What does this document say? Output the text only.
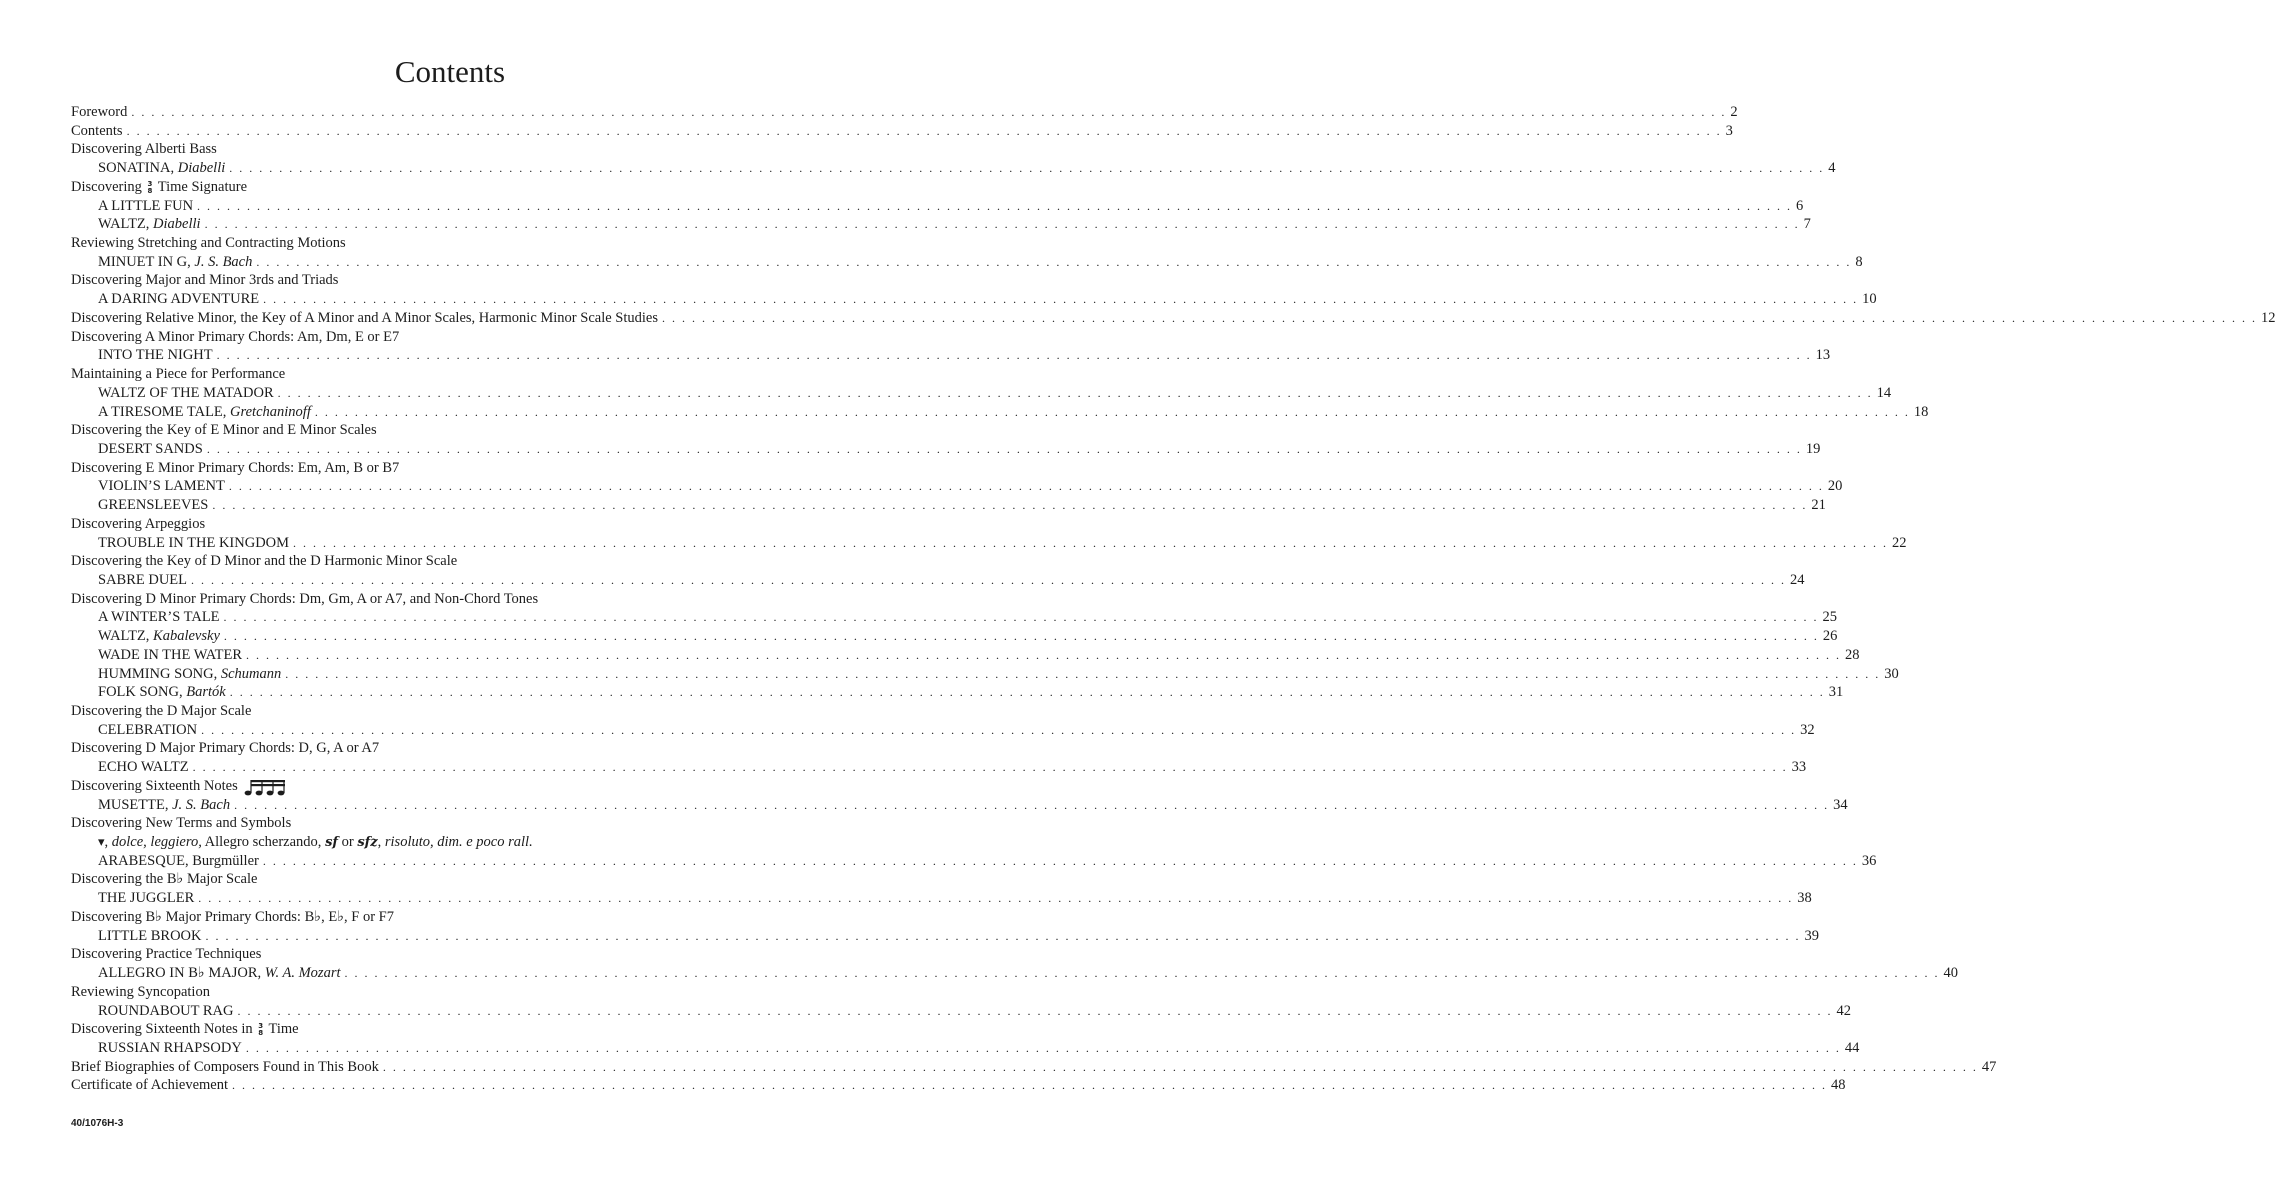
Contents
Foreword . . . . . . . . . . . . . . . . . . . . . . . . . . . . . . . . . . . . . . . . . . . . . . . . . . . . . . . . . . . . . . . . . . . . . . . . . . . . . . . . . . . . . . . . . . . . . . . . . . . . . . . . . . . . . . . . . . . . . . . . . . . . . . . . . . . . . . . . . . . . . . . . . . . . . . . . . . . . . . . . 2
Contents . . . . . . . . . . . . . . . . . . . . . . . . . . . . . . . . . . . . . . . . . . . . . . . . . . . . . . . . . . . . . . . . . . . . . . . . . . . . . . . . . . . . . . . . . . . . . . . . . . . . . . . . . . . . . . . . . . . . . . . . . . . . . . . . . . . . . . . . . . . . . . . . . . . . . . . . . . . . . . . . 3
Discovering Alberti Bass
SONATINA, Diabelli . . . . . . . . . . . . . . . . . . . . . . . . . . . . . . . . . . . . . . . . . . . . . . . . . . . . . . . . . . . . . . . . . . . . . . . . . . . . . . . . . . . . . . . . . . . . . . . . . . . . . . . . . . . . . . . . . . . . . . . . . . . . . . . . . . . . . . . . . . . . . . . . . . . . . . . . . . . . . . . . 4
Discovering 3
8 Time Signature
A LITTLE FUN . . . . . . . . . . . . . . . . . . . . . . . . . . . . . . . . . . . . . . . . . . . . . . . . . . . . . . . . . . . . . . . . . . . . . . . . . . . . . . . . . . . . . . . . . . . . . . . . . . . . . . . . . . . . . . . . . . . . . . . . . . . . . . . . . . . . . . . . . . . . . . . . . . . . . . . . . . . . . . . . 6
WALTZ, Diabelli . . . . . . . . . . . . . . . . . . . . . . . . . . . . . . . . . . . . . . . . . . . . . . . . . . . . . . . . . . . . . . . . . . . . . . . . . . . . . . . . . . . . . . . . . . . . . . . . . . . . . . . . . . . . . . . . . . . . . . . . . . . . . . . . . . . . . . . . . . . . . . . . . . . . . . . . . . . . . . . . 7
Reviewing Stretching and Contracting Motions
MINUET IN G, J. S. Bach . . . . . . . . . . . . . . . . . . . . . . . . . . . . . . . . . . . . . . . . . . . . . . . . . . . . . . . . . . . . . . . . . . . . . . . . . . . . . . . . . . . . . . . . . . . . . . . . . . . . . . . . . . . . . . . . . . . . . . . . . . . . . . . . . . . . . . . . . . . . . . . . . . . . . . . . . . . . . . . . 8
Discovering Major and Minor 3rds and Triads
A DARING ADVENTURE . . . . . . . . . . . . . . . . . . . . . . . . . . . . . . . . . . . . . . . . . . . . . . . . . . . . . . . . . . . . . . . . . . . . . . . . . . . . . . . . . . . . . . . . . . . . . . . . . . . . . . . . . . . . . . . . . . . . . . . . . . . . . . . . . . . . . . . . . . . . . . . . . . . . . . . . . . . . . . . . 10
Discovering Relative Minor, the Key of A Minor and A Minor Scales, Harmonic Minor Scale Studies . . . . . . . . . . . . . . . . . . . . . . . . . . . . . . . . . . . . . . . . . . . . . . . . . . . . . . . . . . . . . . . . . . . . . . . . . . . . . . . . . . . . . . . . . . . . . . . . . . . . . . . . . . . . . . . . . . . . . . . . . . . . . . . . . . . . . . . . . . . . . . . . . . . . . . . . . . . . . . . . 12
Discovering A Minor Primary Chords: Am, Dm, E or E7
INTO THE NIGHT . . . . . . . . . . . . . . . . . . . . . . . . . . . . . . . . . . . . . . . . . . . . . . . . . . . . . . . . . . . . . . . . . . . . . . . . . . . . . . . . . . . . . . . . . . . . . . . . . . . . . . . . . . . . . . . . . . . . . . . . . . . . . . . . . . . . . . . . . . . . . . . . . . . . . . . . . . . . . . . . 13
Maintaining a Piece for Performance
WALTZ OF THE MATADOR . . . . . . . . . . . . . . . . . . . . . . . . . . . . . . . . . . . . . . . . . . . . . . . . . . . . . . . . . . . . . . . . . . . . . . . . . . . . . . . . . . . . . . . . . . . . . . . . . . . . . . . . . . . . . . . . . . . . . . . . . . . . . . . . . . . . . . . . . . . . . . . . . . . . . . . . . . . . . . . . 14
A TIRESOME TALE, Gretchaninoff . . . . . . . . . . . . . . . . . . . . . . . . . . . . . . . . . . . . . . . . . . . . . . . . . . . . . . . . . . . . . . . . . . . . . . . . . . . . . . . . . . . . . . . . . . . . . . . . . . . . . . . . . . . . . . . . . . . . . . . . . . . . . . . . . . . . . . . . . . . . . . . . . . . . . . . . . . . . . . . . 18
Discovering the Key of E Minor and E Minor Scales
DESERT SANDS . . . . . . . . . . . . . . . . . . . . . . . . . . . . . . . . . . . . . . . . . . . . . . . . . . . . . . . . . . . . . . . . . . . . . . . . . . . . . . . . . . . . . . . . . . . . . . . . . . . . . . . . . . . . . . . . . . . . . . . . . . . . . . . . . . . . . . . . . . . . . . . . . . . . . . . . . . . . . . . . 19
Discovering E Minor Primary Chords: Em, Am, B or B7
VIOLIN’S LAMENT . . . . . . . . . . . . . . . . . . . . . . . . . . . . . . . . . . . . . . . . . . . . . . . . . . . . . . . . . . . . . . . . . . . . . . . . . . . . . . . . . . . . . . . . . . . . . . . . . . . . . . . . . . . . . . . . . . . . . . . . . . . . . . . . . . . . . . . . . . . . . . . . . . . . . . . . . . . . . . . . 20
GREENSLEEVES . . . . . . . . . . . . . . . . . . . . . . . . . . . . . . . . . . . . . . . . . . . . . . . . . . . . . . . . . . . . . . . . . . . . . . . . . . . . . . . . . . . . . . . . . . . . . . . . . . . . . . . . . . . . . . . . . . . . . . . . . . . . . . . . . . . . . . . . . . . . . . . . . . . . . . . . . . . . . . . . 21
Discovering Arpeggios
TROUBLE IN THE KINGDOM . . . . . . . . . . . . . . . . . . . . . . . . . . . . . . . . . . . . . . . . . . . . . . . . . . . . . . . . . . . . . . . . . . . . . . . . . . . . . . . . . . . . . . . . . . . . . . . . . . . . . . . . . . . . . . . . . . . . . . . . . . . . . . . . . . . . . . . . . . . . . . . . . . . . . . . . . . . . . . . . 22
Discovering the Key of D Minor and the D Harmonic Minor Scale
SABRE DUEL . . . . . . . . . . . . . . . . . . . . . . . . . . . . . . . . . . . . . . . . . . . . . . . . . . . . . . . . . . . . . . . . . . . . . . . . . . . . . . . . . . . . . . . . . . . . . . . . . . . . . . . . . . . . . . . . . . . . . . . . . . . . . . . . . . . . . . . . . . . . . . . . . . . . . . . . . . . . . . . . 24
Discovering D Minor Primary Chords: Dm, Gm, A or A7, and Non-Chord Tones
A WINTER’S TALE . . . . . . . . . . . . . . . . . . . . . . . . . . . . . . . . . . . . . . . . . . . . . . . . . . . . . . . . . . . . . . . . . . . . . . . . . . . . . . . . . . . . . . . . . . . . . . . . . . . . . . . . . . . . . . . . . . . . . . . . . . . . . . . . . . . . . . . . . . . . . . . . . . . . . . . . . . . . . . . . 25
WALTZ, Kabalevsky . . . . . . . . . . . . . . . . . . . . . . . . . . . . . . . . . . . . . . . . . . . . . . . . . . . . . . . . . . . . . . . . . . . . . . . . . . . . . . . . . . . . . . . . . . . . . . . . . . . . . . . . . . . . . . . . . . . . . . . . . . . . . . . . . . . . . . . . . . . . . . . . . . . . . . . . . . . . . . . . 26
WADE IN THE WATER . . . . . . . . . . . . . . . . . . . . . . . . . . . . . . . . . . . . . . . . . . . . . . . . . . . . . . . . . . . . . . . . . . . . . . . . . . . . . . . . . . . . . . . . . . . . . . . . . . . . . . . . . . . . . . . . . . . . . . . . . . . . . . . . . . . . . . . . . . . . . . . . . . . . . . . . . . . . . . . . 28
HUMMING SONG, Schumann . . . . . . . . . . . . . . . . . . . . . . . . . . . . . . . . . . . . . . . . . . . . . . . . . . . . . . . . . . . . . . . . . . . . . . . . . . . . . . . . . . . . . . . . . . . . . . . . . . . . . . . . . . . . . . . . . . . . . . . . . . . . . . . . . . . . . . . . . . . . . . . . . . . . . . . . . . . . . . . . 30
FOLK SONG, Bartók . . . . . . . . . . . . . . . . . . . . . . . . . . . . . . . . . . . . . . . . . . . . . . . . . . . . . . . . . . . . . . . . . . . . . . . . . . . . . . . . . . . . . . . . . . . . . . . . . . . . . . . . . . . . . . . . . . . . . . . . . . . . . . . . . . . . . . . . . . . . . . . . . . . . . . . . . . . . . . . . 31
Discovering the D Major Scale
CELEBRATION . . . . . . . . . . . . . . . . . . . . . . . . . . . . . . . . . . . . . . . . . . . . . . . . . . . . . . . . . . . . . . . . . . . . . . . . . . . . . . . . . . . . . . . . . . . . . . . . . . . . . . . . . . . . . . . . . . . . . . . . . . . . . . . . . . . . . . . . . . . . . . . . . . . . . . . . . . . . . . . . 32
Discovering D Major Primary Chords: D, G, A or A7
ECHO WALTZ . . . . . . . . . . . . . . . . . . . . . . . . . . . . . . . . . . . . . . . . . . . . . . . . . . . . . . . . . . . . . . . . . . . . . . . . . . . . . . . . . . . . . . . . . . . . . . . . . . . . . . . . . . . . . . . . . . . . . . . . . . . . . . . . . . . . . . . . . . . . . . . . . . . . . . . . . . . . . . . . 33
Discovering Sixteenth Notes
MUSETTE, J. S. Bach . . . . . . . . . . . . . . . . . . . . . . . . . . . . . . . . . . . . . . . . . . . . . . . . . . . . . . . . . . . . . . . . . . . . . . . . . . . . . . . . . . . . . . . . . . . . . . . . . . . . . . . . . . . . . . . . . . . . . . . . . . . . . . . . . . . . . . . . . . . . . . . . . . . . . . . . . . . . . . . . 34
Discovering New Terms and Symbols
▾, dolce, leggiero, Allegro scherzando, sf or sfz, risoluto, dim. e poco rall.
ARABESQUE, Burgmüller . . . . . . . . . . . . . . . . . . . . . . . . . . . . . . . . . . . . . . . . . . . . . . . . . . . . . . . . . . . . . . . . . . . . . . . . . . . . . . . . . . . . . . . . . . . . . . . . . . . . . . . . . . . . . . . . . . . . . . . . . . . . . . . . . . . . . . . . . . . . . . . . . . . . . . . . . . . . . . . . 36
Discovering the B♭ Major Scale
THE JUGGLER . . . . . . . . . . . . . . . . . . . . . . . . . . . . . . . . . . . . . . . . . . . . . . . . . . . . . . . . . . . . . . . . . . . . . . . . . . . . . . . . . . . . . . . . . . . . . . . . . . . . . . . . . . . . . . . . . . . . . . . . . . . . . . . . . . . . . . . . . . . . . . . . . . . . . . . . . . . . . . . . 38
Discovering B♭ Major Primary Chords: B♭, E♭, F or F7
LITTLE BROOK . . . . . . . . . . . . . . . . . . . . . . . . . . . . . . . . . . . . . . . . . . . . . . . . . . . . . . . . . . . . . . . . . . . . . . . . . . . . . . . . . . . . . . . . . . . . . . . . . . . . . . . . . . . . . . . . . . . . . . . . . . . . . . . . . . . . . . . . . . . . . . . . . . . . . . . . . . . . . . . . 39
Discovering Practice Techniques
ALLEGRO IN B♭ MAJOR, W. A. Mozart . . . . . . . . . . . . . . . . . . . . . . . . . . . . . . . . . . . . . . . . . . . . . . . . . . . . . . . . . . . . . . . . . . . . . . . . . . . . . . . . . . . . . . . . . . . . . . . . . . . . . . . . . . . . . . . . . . . . . . . . . . . . . . . . . . . . . . . . . . . . . . . . . . . . . . . . . . . . . . . . 40
Reviewing Syncopation
ROUNDABOUT RAG . . . . . . . . . . . . . . . . . . . . . . . . . . . . . . . . . . . . . . . . . . . . . . . . . . . . . . . . . . . . . . . . . . . . . . . . . . . . . . . . . . . . . . . . . . . . . . . . . . . . . . . . . . . . . . . . . . . . . . . . . . . . . . . . . . . . . . . . . . . . . . . . . . . . . . . . . . . . . . . . 42
Discovering Sixteenth Notes in 3
8 Time
RUSSIAN RHAPSODY . . . . . . . . . . . . . . . . . . . . . . . . . . . . . . . . . . . . . . . . . . . . . . . . . . . . . . . . . . . . . . . . . . . . . . . . . . . . . . . . . . . . . . . . . . . . . . . . . . . . . . . . . . . . . . . . . . . . . . . . . . . . . . . . . . . . . . . . . . . . . . . . . . . . . . . . . . . . . . . . 44
Brief Biographies of Composers Found in This Book . . . . . . . . . . . . . . . . . . . . . . . . . . . . . . . . . . . . . . . . . . . . . . . . . . . . . . . . . . . . . . . . . . . . . . . . . . . . . . . . . . . . . . . . . . . . . . . . . . . . . . . . . . . . . . . . . . . . . . . . . . . . . . . . . . . . . . . . . . . . . . . . . . . . . . . . . . . . . . . . 47
Certificate of Achievement . . . . . . . . . . . . . . . . . . . . . . . . . . . . . . . . . . . . . . . . . . . . . . . . . . . . . . . . . . . . . . . . . . . . . . . . . . . . . . . . . . . . . . . . . . . . . . . . . . . . . . . . . . . . . . . . . . . . . . . . . . . . . . . . . . . . . . . . . . . . . . . . . . . . . . . . . . . . . . . . 48
40/1076H-3
